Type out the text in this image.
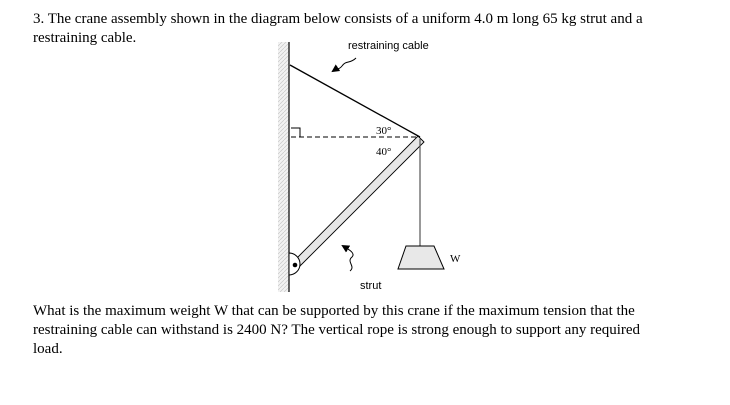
3. The crane assembly shown in the diagram below consists of a uniform 4.0 m long 65 kg strut and a restraining cable.	restraining cable
strut
30°
40°
W

What is the maximum weight W that can be supported by this crane if the maximum tension that the restraining cable can withstand is 2400 N? The vertical rope is strong enough to support any required load.
